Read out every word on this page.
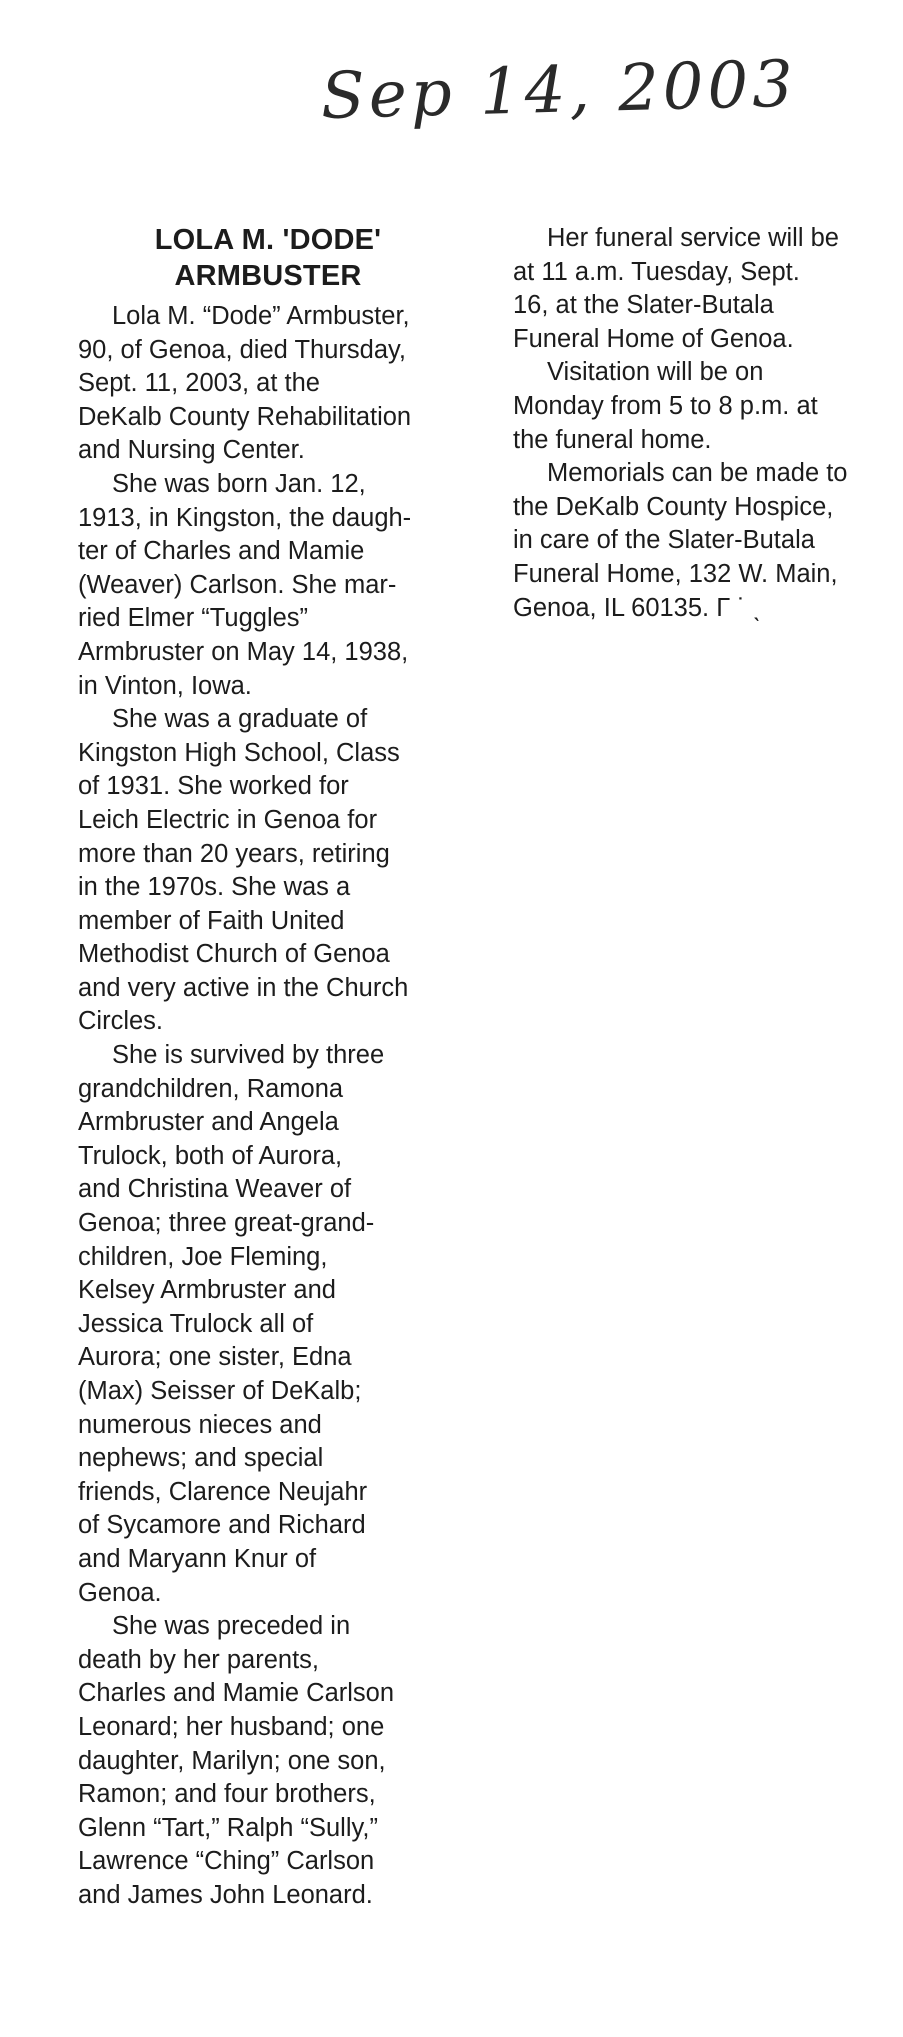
Sep 14, 2003
LOLA M. 'DODE'
ARMBUSTER
Lola M. “Dode” Armbuster,
90, of Genoa, died Thursday,
Sept. 11, 2003, at the
DeKalb County Rehabilitation
and Nursing Center.
She was born Jan. 12,
1913, in Kingston, the daugh-
ter of Charles and Mamie
(Weaver) Carlson. She mar-
ried Elmer “Tuggles”
Armbruster on May 14, 1938,
in Vinton, Iowa.
She was a graduate of
Kingston High School, Class
of 1931. She worked for
Leich Electric in Genoa for
more than 20 years, retiring
in the 1970s. She was a
member of Faith United
Methodist Church of Genoa
and very active in the Church
Circles.
She is survived by three
grandchildren, Ramona
Armbruster and Angela
Trulock, both of Aurora,
and Christina Weaver of
Genoa; three great-grand-
children, Joe Fleming,
Kelsey Armbruster and
Jessica Trulock all of
Aurora; one sister, Edna
(Max) Seisser of DeKalb;
numerous nieces and
nephews; and special
friends, Clarence Neujahr
of Sycamore and Richard
and Maryann Knur of
Genoa.
She was preceded in
death by her parents,
Charles and Mamie Carlson
Leonard; her husband; one
daughter, Marilyn; one son,
Ramon; and four brothers,
Glenn “Tart,” Ralph “Sully,”
Lawrence “Ching” Carlson
and James John Leonard.
Her funeral service will be
at 11 a.m. Tuesday, Sept.
16, at the Slater-Butala
Funeral Home of Genoa.
Visitation will be on
Monday from 5 to 8 p.m. at
the funeral home.
Memorials can be made to
the DeKalb County Hospice,
in care of the Slater-Butala
Funeral Home, 132 W. Main,
Genoa, IL 60135. Γ ˙ ˎ
